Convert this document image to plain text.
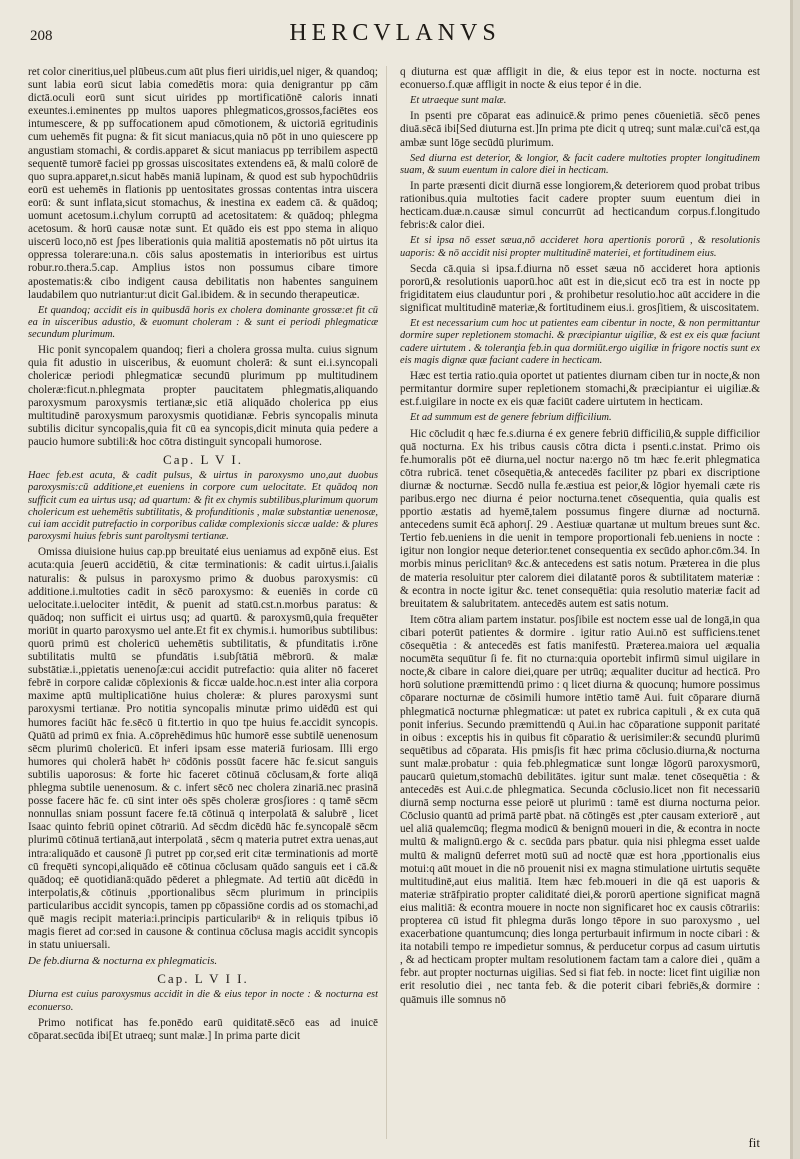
208	HERCVLANVS

ret color cineritius,uel plūbeus.cum aūt plus fieri uiridis,uel niger, & quandoq; sunt labia eorū sicut labia comedētis mora: quia denigrantur pp cām dictā.oculi eorū sunt sicut uirides pp mortificatiōnē caloris innati exeuntes.i.eminentes pp multos uapores phlegmaticos,grossos,faciētes eos intumescere, & pp suffocationem apud cōmotionem, & uictoriā egritudinis cum uehemēs fit pugna: & fit sicut maniacus,quia nō pōt in uno quiescere pp angustiam stomachi, & cordis.apparet & sicut maniacus pp terribilem aspectū sequentē tumorē faciei pp grossas uiscositates extendens eā, & malū colorē de quo supra.apparet,n.sicut habēs maniā lupinam, & quod est sub hypochūdriis eorū est uehemēs in flationis pp uentositates grossas contentas intra uiscera eorū: & sunt inflata,sicut stomachus, & inestina ex eadem cā. & quādoq; uomunt acetosum.i.chylum corruptū ad acetositatem: & quādoq; phlegma acetosum. & horū causæ notæ sunt. Et quādo eis est ppo stema in aliquo uiscerū loco,nō est ʃpes liberationis quia malitiā apostematis nō pōt uirtus ita oppressa tolerare:una.n. cōis salus apostematis in interioribus est uirtus robur.ro.thera.5.cap. Amplius istos non possumus cibare timore apostematis:& cibo indigent causa debilitatis non habentes sanguinem laudabilem quo nutriantur:ut dicit Gal.ibidem. & in secundo therapeuticæ.

Et quandoq; accidit eis in quibusdā horis ex cholera dominante grossæ:et fit cū ea in uisceribus adustio, & euomunt choleram : & sunt ei periodi phlegmaticæ secundum plurimum.

Hic ponit syncopalem quandoq; fieri a cholera grossa multa. cuius signum quia fit adustio in uisceribus, & euomunt cholerā: & sunt ei.i.syncopali cholericæ periodi phlegmaticæ secundū plurimum pp multitudinem choleræ:ficut.n.phlegmata propter paucitatem phlegmatis,aliquando paroxysmum paroxysmis tertianæ,sic etiā aliquādo cholerica pp eius multitudinē paroxysmum paroxysmis quotidianæ. Febris syncopalis minuta subtilis dicitur syncopalis,quia fit cū ea syncopis,dicit minuta quia pedere a paucio humore subtili:& hoc cōtra distinguit syncopali humorose.

Cap. L V I.

Haec feb.est acuta, & cadit pulsus, & uirtus in paroxysmo uno,aut duobus paroxysmis:cū additione,et eueniens in corpore cum uelocitate. Et quādoq non sufficit cum ea uirtus usq; ad quartum: & fit ex chymis subtilibus,plurimum quorum cholericum est uehemētis subtilitatis, & profunditionis , malæ substantiæ uenenosæ, cui iam accidit putrefactio in corporibus calidæ complexionis siccæ ualde: & plures paroxysmi huius febris sunt paroltysmi tertianæ.

Omissa diuisione huius cap.pp breuitaté eius ueniamus ad expōnē eius. Est acuta:quia ʃeuerū accidētiū, & citæ terminationis: & cadit uirtus.i.ʃaialis naturalis: & pulsus in paroxysmo primo & duobus paroxysmis: cū additione.i.multoties cadit in sēcō paroxysmo: & eueniēs in corde cū uelocitate.i.uelociter intēdit, & puenit ad statū.cst.n.morbus paratus: & quādoq; non sufficit ei uirtus usq; ad quartū. & paroxysmū,quia frequēter moriūt in quarto paroxysmo uel ante.Et fit ex chymis.i. humoribus subtilibus: quorū primū est cholericū uehemētis subtilitatis, & pfunditatis i.rōne subtilitatis multū se pfundātis i.subʃtātiā mēbrorū. & malæ substātiæ.i.,ppietatis uenenoʃæ:cui accidit putrefactio: quia aliter nō faceret febrē in corpore calidæ cōplexionis & ficcæ ualde.hoc.n.est inter alia corpora maxime aptū multiplicatiōne huius choleræ: & plures paroxysmi sunt paroxysmi tertianæ. Pro notitia syncopalis minutæ primo uidēdū est qui humores faciūt hāc fe.sēcō ū fit.tertio in quo tpe huius fe.accidit syncopis. Quātū ad primū ex fnia. A.cōprehēdimus hūc humorē esse subtilē uenenosum sēcm plurimū cholericū. Et inferi ipsam esse materiā furiosam. Illi ergo humores qui cholerā habēt hᵃ cōdōnis possūt facere hāc fe.sicut sanguis subtilis uaporosus: & forte hic faceret cōtinuā cōclusam,& forte aliqā phlegma subtile uenenosum. & c. infert sēcō nec cholera zinariā.nec prasinā posse facere hāc fe. cū sint inter oēs spēs choleræ grosʃiores : q tamē sēcm nonnullas sniam possunt facere fe.tā cōtinuā q interpolatā & salubrē , licet Isaac quinto febriū opinet cōtrariū. Ad sēcdm dicēdū hāc fe.syncopalē sēcm plurimū cōtinuā tertianā,aut interpolatā , sēcm q materia putret extra uenas,aut intra:aliquādo et causonē ʃi putret pp cor,sed erit citæ terminationis ad mortē cū frequēti syncopi,aliquādo eē cōtinua cōclusam quādo sanguis eet i cā.& quādoq; eē quotidianā:quādo pēderet a phlegmate. Ad tertiū aūt dicēdū in interpolatis,& cōtinuis ,pportionalibus sēcm plurimum in principiis particularibus accidit syncopis, tamen pp cōpassiōne cordis ad os stomachi,ad quē magis recipit materia:i.principis particularibᵘ & in reliquis tpibus iō magis fieret ad cor:sed in causone & continua cōclusa magis accidit syncopis in statu uniuersali.

De feb.diurna & nocturna ex phlegmaticis.
Cap. L V I I.

Diurna est cuius paroxysmus accidit in die & eius tepor in nocte : & nocturna est econuerso.

Primo notificat has fe.ponēdo earū quiditatē.sēcō eas ad inuicē cōparat.secūda ibi[Et utraeq; sunt malæ.] In prima parte dicit

q diuturna est quæ affligit in die, & eius tepor est in nocte. nocturna est econuerso.f.quæ affligit in nocte & eius tepor é in die.

Et utraeque sunt malæ.

In psenti pre cōparat eas adinuicē.& primo penes cōuenietiā. sēcō penes diuā.sēcā ibi[Sed diuturna est.]In prima pte dicit q utreq; sunt malæ.cui'cā est,qa ambæ sunt lōge secūdū plurimum.

Sed diurna est deterior, & longior, & facit cadere multoties propter longitudinem suam, & suum euentum in calore diei in hecticam.

In parte præsenti dicit diurnā esse longiorem,& deteriorem quod probat tribus rationibus.quia multoties facit cadere propter suum euentum diei in hecticam.duæ.n.causæ simul concurrūt ad hecticandum corpus.f.longitudo febris:& calor diei.

Et si ipsa nō esset sæua,nō accideret hora apertionis pororū , & resolutionis uaporis: & nō accidit nisi propter multitudinē materiei, et fortitudinem eius.

Secda cā.quia si ipsa.f.diurna nō esset sæua nō accideret hora aptionis pororū,& resolutionis uaporū.hoc aūt est in die,sicut ecō tra est in nocte pp frigiditatem eius clauduntur pori , & prohibetur resolutio.hoc aūt accidere in die significat multitudinē materiæ,& fortitudinem eius.i. grosʃitiem, & uiscositatem.

Et est necessarium cum hoc ut patientes eam cibentur in nocte, & non permittantur dormire super repletionem stomachi. & præcipiantur uigiliæ, & est ex eis quæ faciunt cadere uirtutem . & toleranţia feb.in qua dormiūt.ergo uigiliæ in frigore noctis sunt ex eis magis dignæ quæ faciant cadere in hecticam.

Hæc est tertia ratio.quia oportet ut patientes diurnam ciben tur in nocte,& non permitantur dormire super repletionem stomachi,& præcipiantur ei uigiliæ.& est.f.uigilare in nocte ex eis quæ faciūt cadere uirtutem in hecticam.

Et ad summum est de genere febrium difficilium.

Hic cōcludit q hæc fe.s.diurna é ex genere febriū difficiliū,& supple difficilior quā nocturna. Ex his tribus causis cōtra dicta i psenti.c.instat. Primo ois fe.humoralis pōt eē diurna,uel noctur na:ergo nō tm hæc fe.erit phlegmatica cōtra rubricā. tenet cōsequētia,& antecedēs faciliter pz pbari ex discriptione diurnæ & nocturnæ. Secdō nulla fe.æstiua est peior,& lōgior hyemali cæte ris paribus.ergo nec diurna é peior nocturna.tenet cōsequentia, quia qualis est pportio æstatis ad hyemē,talem possumus fingere diurnæ ad nocturnā. antecedens sumit ēcā aphorɩʃ. 29 . Aestiuæ quartanæ ut multum breues sunt &c. Tertio feb.ueniens in die uenit in tempore proportionali feb.ueniens in nocte : igitur non longior neque deterior.tenet consequentia ex secūdo aphor.cōm.34. In morbis minus periclitanꝰ &c.& antecedens est satis notum. Præterea in die plus de materia resoluitur pter calorem diei dilatantē poros & subtilitatem materiæ : & econtra in nocte igitur &c. tenet consequētia: quia resolutio materiæ facit ad breuitatem & salubritatem. antecedēs autem est satis notum.

Item cōtra aliam partem instatur. posʃibile est noctem esse ual de longā,in qua cibari poterūt patientes & dormire . igitur ratio Aui.nō est sufficiens.tenet cōsequētia : & antecedēs est fatis manifestū. Præterea.maiora uel æqualia nocumēta sequūtur ſi fe. fit no cturna:quia oportebit infirmū simul uigilare in nocte,& cibare in calore diei,quare per utrūq; æqualiter ducitur ad hecticā. Pro horū solutione præmittendū primo : q licet diurna & quocunq; humore possimus cōparare nocturnæ de cōsimili humore intētio tamē Aui. fuit cōparare diurnā phlegmaticā nocturnæ phlegmaticæ: ut patet ex rubrica capituli , & ex cuta quā ponit inferius. Secundo præmittendū q Aui.in hac cōparatione supponit paritaté in oibus : exceptis his in quibus fit cōparatio & uerisimiler:& secundū plurimū sequētibus ad cōparata. His pmisʃis fit hæc prima cōclusio.diurna,& nocturna sunt malæ.probatur : quia feb.phlegmaticæ sunt longæ lōgorū paroxysmorū, paucarū quietum,stomachū debilitātes. igitur sunt malæ. tenet cōsequētia : & antecedēs est Aui.c.de phlegmatica. Secunda cōclusio.licet non fit necessariū diurnā semp nocturna esse peiorē ut plurimū : tamē est diurna nocturna peior. Cōclusio quantū ad primā partē pbat. nā cōtingēs est ,pter causam exteriorē , aut uel aliā qualemcūq; flegma modicū & benignū moueri in die, & econtra in nocte multū & malignū.ergo & c. secūda pars pbatur. quia nisi phlegma esset ualde multū & malignū deferret motū suū ad noctē quæ est hora ,pportionalis eius motui:q aūt mouet in die nō prouenit nisi ex magna stimulatione uirtutis sequēte multitudinē,aut eius malitiā. Item hæc feb.moueri in die qā est uaporis & materiæ strāfpiratio propter caliditaté diei,& pororū apertione significat magnā eius malitiā: & econtra mouere in nocte non significaret hoc ex causis cōtrariis: propterea cū istud fit phlegma durās longo tēpore in suo paroxysmo , uel exacerbatione quantumcunq; dies longa perturbauit infirmum in nocte cibari : & ita notabili tempo re impedietur somnus, & perducetur corpus ad casum uirtutis , & ad hecticam propter multam resolutionem factam tam a calore diei , quām a febr. aut propter nocturnas uigilias. Sed si fiat feb. in nocte: licet fint uigiliæ non erit resolutio diei , nec tanta feb. & die poterit cibari febriēs,& dormire : quāmuis ille somnus nō

fit
